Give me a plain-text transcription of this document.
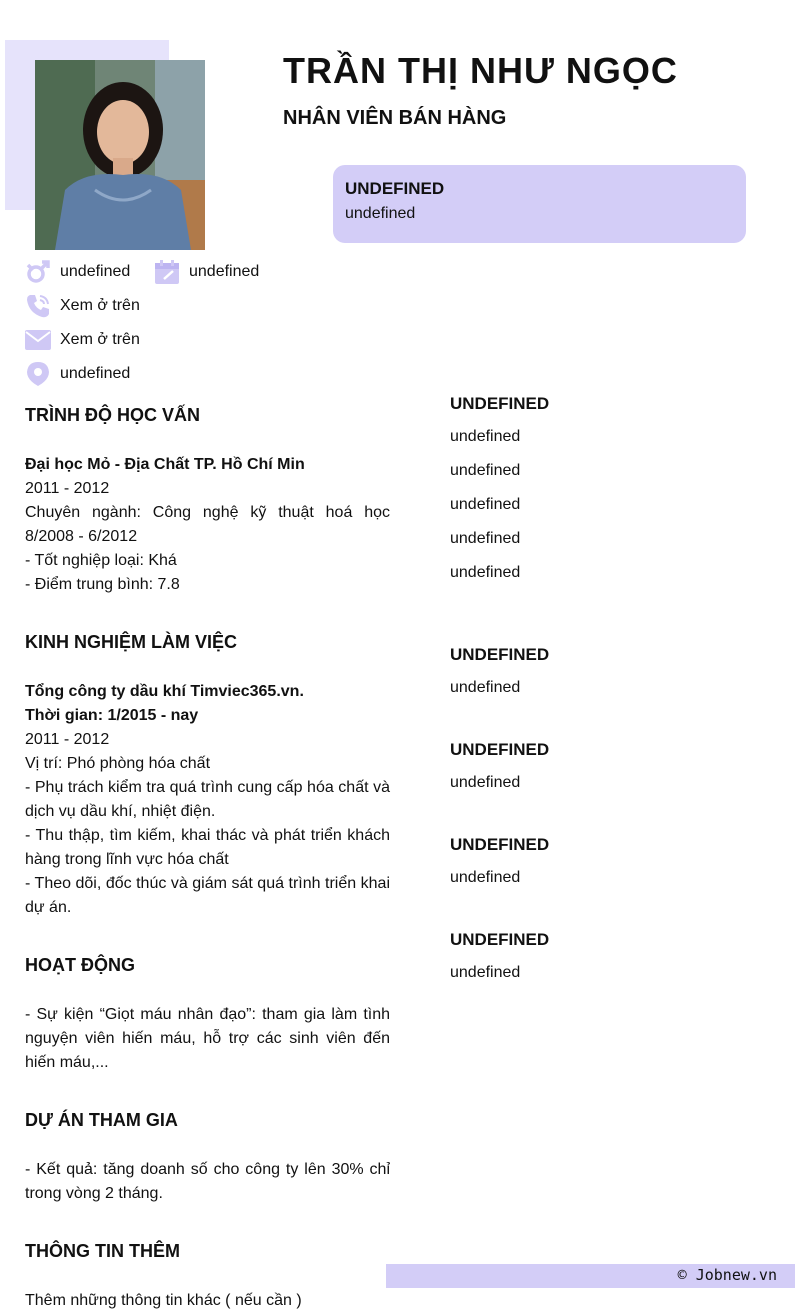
TRẦN THỊ NHƯ NGỌC
NHÂN VIÊN BÁN HÀNG
UNDEFINED
undefined
undefined	undefined
Xem ở trên
Xem ở trên
undefined
TRÌNH ĐỘ HỌC VẤN
Đại học Mỏ - Địa Chất TP. Hồ Chí Min
2011 - 2012
Chuyên ngành: Công nghệ kỹ thuật hoá học 8/2008 - 6/2012
- Tốt nghiệp loại: Khá
- Điểm trung bình: 7.8
KINH NGHIỆM LÀM VIỆC
Tổng công ty dầu khí Timviec365.vn.
Thời gian: 1/2015 - nay
2011 - 2012
Vị trí: Phó phòng hóa chất
- Phụ trách kiểm tra quá trình cung cấp hóa chất và dịch vụ dầu khí, nhiệt điện.
- Thu thập, tìm kiếm, khai thác và phát triển khách hàng trong lĩnh vực hóa chất
- Theo dõi, đốc thúc và giám sát quá trình triển khai dự án.
HOẠT ĐỘNG
- Sự kiện “Giọt máu nhân đạo”: tham gia làm tình nguyện viên hiến máu, hỗ trợ các sinh viên đến hiến máu,...
DỰ ÁN THAM GIA
- Kết quả: tăng doanh số cho công ty lên 30% chỉ trong vòng 2 tháng.
THÔNG TIN THÊM
Thêm những thông tin khác ( nếu cần )
UNDEFINED
undefined
undefined
undefined
undefined
undefined
UNDEFINED
undefined
UNDEFINED
undefined
UNDEFINED
undefined
UNDEFINED
undefined
© Jobnew.vn
